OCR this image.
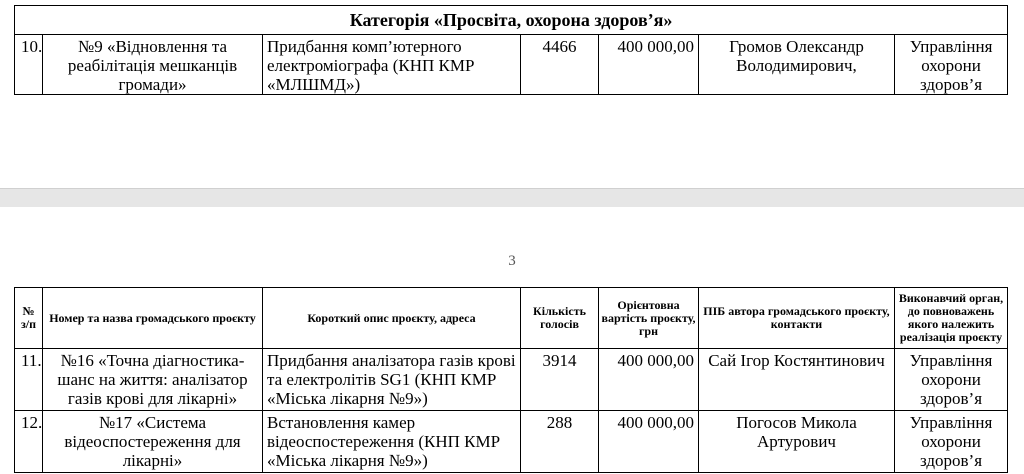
Категорія «Просвіта, охорона здоров’я»
10.	№9 «Відновлення та реабілітація мешканців громади»	Придбання комп’ютерного електроміографа (КНП КМР «МЛШМД»)	4466	400 000,00	Громов Олександр Володимирович,	Управління охорони здоров’я
3
№ з/п	Номер та назва громадського проєкту	Короткий опис проєкту, адреса	Кількість голосів	Орієнтовна вартість проєкту, грн	ПІБ автора громадського проєкту, контакти	Виконавчий орган, до повноважень якого належить реалізація проєкту
11.	№16 «Точна діагностика-шанс на життя: аналізатор газів крові для лікарні»	Придбання аналізатора газів крові та електролітів SG1 (КНП КМР «Міська лікарня №9»)	3914	400 000,00	Сай Ігор Костянтинович	Управління охорони здоров’я
12.	№17 «Система відеоспостереження для лікарні»	Встановлення камер відеоспостереження (КНП КМР «Міська лікарня №9»)	288	400 000,00	Погосов Микола Артурович	Управління охорони здоров’я
